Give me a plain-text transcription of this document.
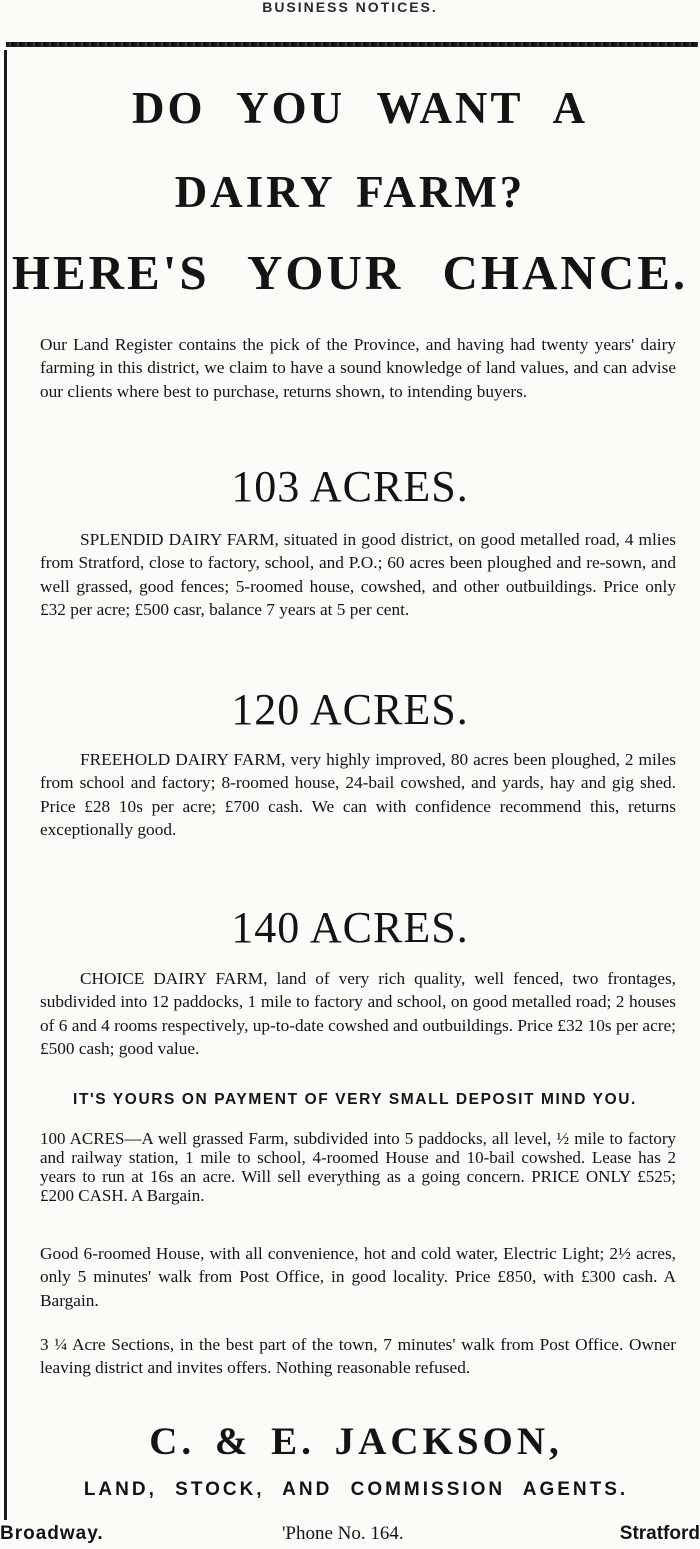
BUSINESS NOTICES.
DO YOU WANT A
DAIRY FARM?
HERE'S YOUR CHANCE.
Our Land Register contains the pick of the Province, and having had twenty years' dairy farming in this district, we claim to have a sound knowledge of land values, and can advise our clients where best to purchase, returns shown, to intending buyers.
103 ACRES.
SPLENDID DAIRY FARM, situated in good district, on good metalled road, 4 mlies from Stratford, close to factory, school, and P.O.; 60 acres been ploughed and re-sown, and well grassed, good fences; 5-roomed house, cowshed, and other outbuildings. Price only £32 per acre; £500 casr, balance 7 years at 5 per cent.
120 ACRES.
FREEHOLD DAIRY FARM, very highly improved, 80 acres been ploughed, 2 miles from school and factory; 8-roomed house, 24-bail cowshed, and yards, hay and gig shed. Price £28 10s per acre; £700 cash. We can with confidence recommend this, returns exceptionally good.
140 ACRES.
CHOICE DAIRY FARM, land of very rich quality, well fenced, two frontages, subdivided into 12 paddocks, 1 mile to factory and school, on good metalled road; 2 houses of 6 and 4 rooms respectively, up-to-date cowshed and outbuildings. Price £32 10s per acre; £500 cash; good value.
IT'S YOURS ON PAYMENT OF VERY SMALL DEPOSIT MIND YOU.
100 ACRES—A well grassed Farm, subdivided into 5 paddocks, all level, ½ mile to factory and railway station, 1 mile to school, 4-roomed House and 10-bail cowshed. Lease has 2 years to run at 16s an acre. Will sell everything as a going concern. PRICE ONLY £525; £200 CASH. A Bargain.
Good 6-roomed House, with all convenience, hot and cold water, Electric Light; 2½ acres, only 5 minutes' walk from Post Office, in good locality. Price £850, with £300 cash. A Bargain.
3 ¼ Acre Sections, in the best part of the town, 7 minutes' walk from Post Office. Owner leaving district and invites offers. Nothing reasonable refused.
C. & E. JACKSON,
LAND, STOCK, AND COMMISSION AGENTS.
Broadway.	'Phone No. 164.	Stratford
